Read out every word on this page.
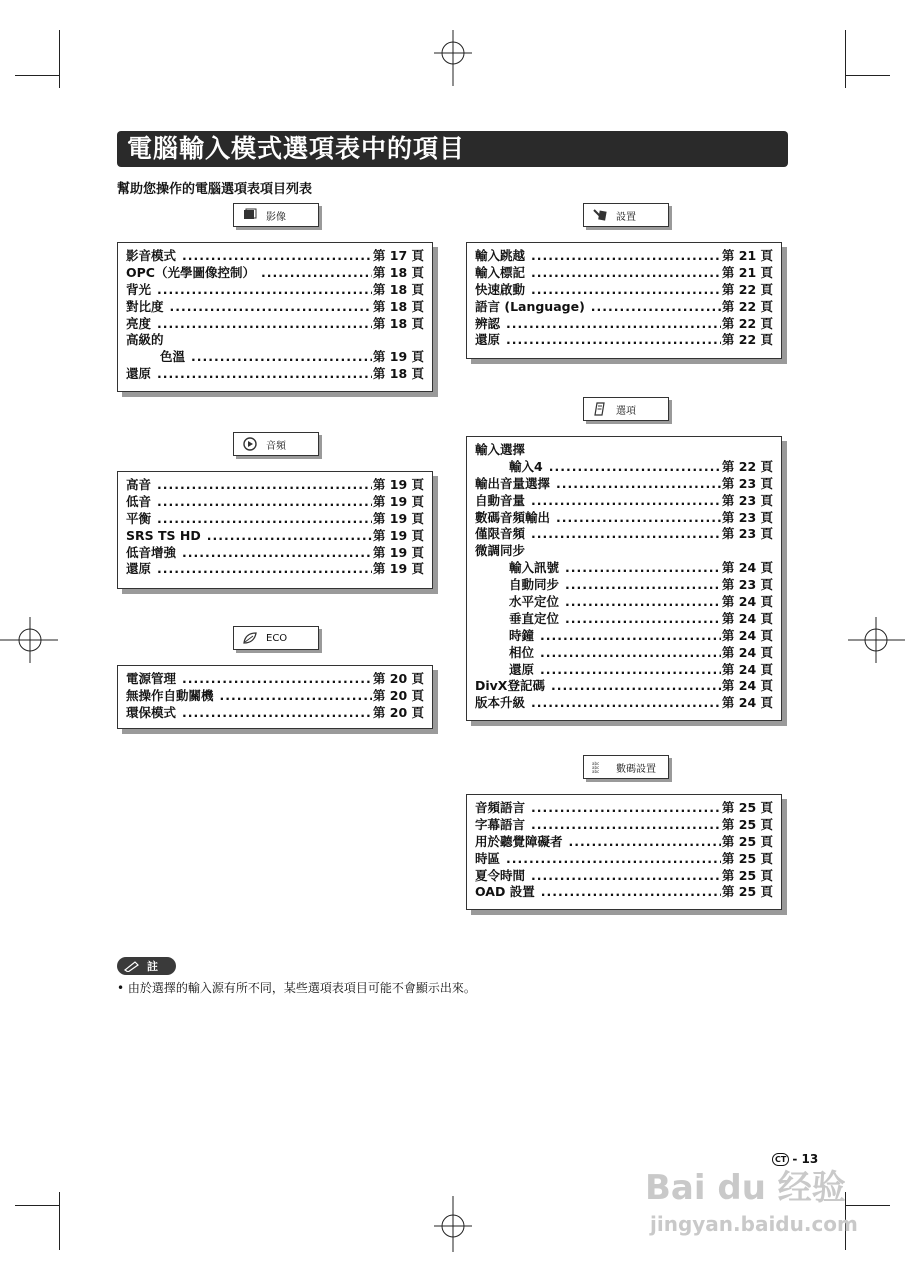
電腦輸入模式選項表中的項目
幫助您操作的電腦選項表項目列表
影像
影音模式 .....	第 17 頁
OPC（光學圖像控制） .....	第 18 頁
背光 .....	第 18 頁
對比度 .....	第 18 頁
亮度 .....	第 18 頁
高級的
色溫 .....	第 19 頁
還原 .....	第 18 頁
音頻
高音 .....	第 19 頁
低音 .....	第 19 頁
平衡 .....	第 19 頁
SRS TS HD .....	第 19 頁
低音增強 .....	第 19 頁
還原 .....	第 19 頁
ECO
電源管理 .....	第 20 頁
無操作自動關機 .....	第 20 頁
環保模式 .....	第 20 頁
設置
輸入跳越 .....	第 21 頁
輸入標記 .....	第 21 頁
快速啟動 .....	第 22 頁
語言 (Language) .....	第 22 頁
辨認 .....	第 22 頁
還原 .....	第 22 頁
選項
輸入選擇
輸入4 .....	第 22 頁
輸出音量選擇 .....	第 23 頁
自動音量 .....	第 23 頁
數碼音頻輸出 .....	第 23 頁
僅限音頻 .....	第 23 頁
微調同步
輸入訊號 .....	第 24 頁
自動同步 .....	第 23 頁
水平定位 .....	第 24 頁
垂直定位 .....	第 24 頁
時鐘 .....	第 24 頁
相位 .....	第 24 頁
還原 .....	第 24 頁
DivX登記碼 .....	第 24 頁
版本升級 .....	第 24 頁
abc
abc
abc 數碼設置
音頻語言 .....	第 25 頁
字幕語言 .....	第 25 頁
用於聽覺障礙者 .....	第 25 頁
時區 .....	第 25 頁
夏令時間 .....	第 25 頁
OAD 設置 .....	第 25 頁
註
• 由於選擇的輸入源有所不同，某些選項表項目可能不會顯示出來。
CT - 13
Bai du 经验
jingyan.baidu.com
